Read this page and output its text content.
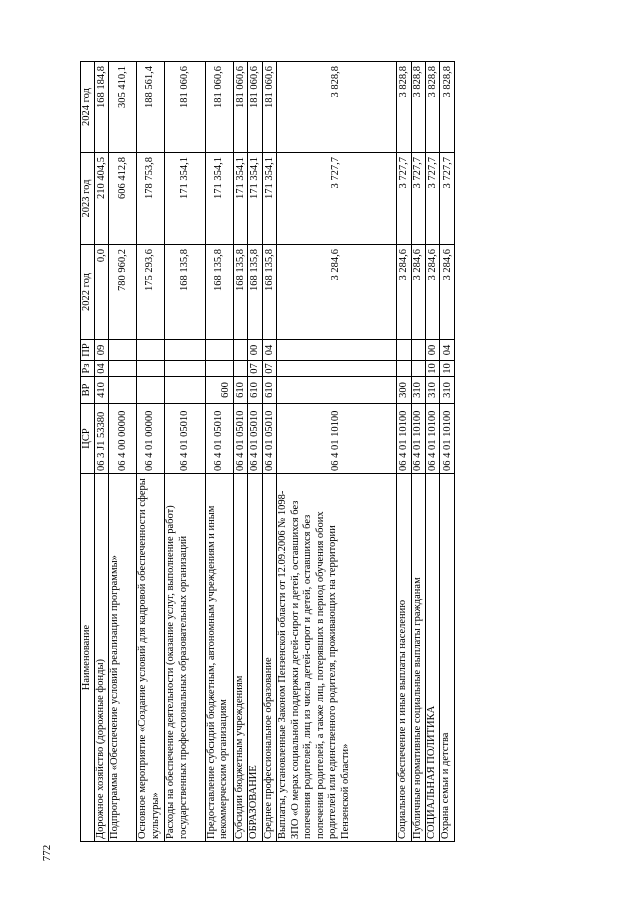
772
Наименование	ЦСР	ВР	Рз	ПР	2022 год	2023 год	2024 год
Дорожное хозяйство (дорожные фонды)	06 3 J1 53380	410	04	09	0,0	210 404,5	168 184,8
Подпрограмма «Обеспечение условий реализации программы»	06 4 00 00000				780 960,2	606 412,8	305 410,1
Основное мероприятие «Создание условий для кадровой обеспеченности сферы культуры»	06 4 01 00000				175 293,6	178 753,8	188 561,4
Расходы на обеспечение деятельности (оказание услуг, выполнение работ) государственных профессиональных образовательных организаций	06 4 01 05010				168 135,8	171 354,1	181 060,6
Предоставление субсидий бюджетным, автономным учреждениям и иным некоммерческим организациям	06 4 01 05010	600			168 135,8	171 354,1	181 060,6
Субсидии бюджетным учреждениям	06 4 01 05010	610			168 135,8	171 354,1	181 060,6
ОБРАЗОВАНИЕ	06 4 01 05010	610	07	00	168 135,8	171 354,1	181 060,6
Среднее профессиональное образование	06 4 01 05010	610	07	04	168 135,8	171 354,1	181 060,6
Выплаты, установленные Законом Пензенской области от 12.09.2006 № 1098-ЗПО «О мерах социальной поддержки детей-сирот и детей, оставшихся без попечения родителей, лиц из числа детей-сирот и детей, оставшихся без попечения родителей, а также лиц, потерявших в период обучения обоих родителей или единственного родителя, проживающих на территории Пензенской области»	06 4 01 10100				3 284,6	3 727,7	3 828,8
Социальное обеспечение и иные выплаты населению	06 4 01 10100	300			3 284,6	3 727,7	3 828,8
Публичные нормативные социальные выплаты гражданам	06 4 01 10100	310			3 284,6	3 727,7	3 828,8
СОЦИАЛЬНАЯ ПОЛИТИКА	06 4 01 10100	310	10	00	3 284,6	3 727,7	3 828,8
Охрана семьи и детства	06 4 01 10100	310	10	04	3 284,6	3 727,7	3 828,8
